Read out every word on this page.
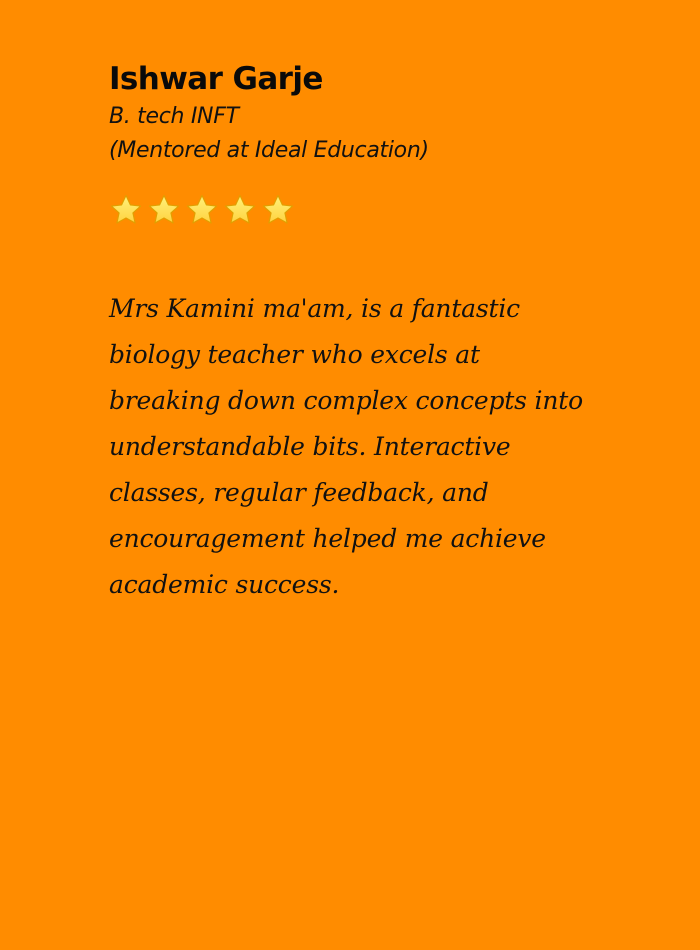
Ishwar Garje

B. tech INFT

(Mentored at Ideal Education)

Mrs Kamini ma'am, is a fantastic biology teacher who excels at breaking down complex concepts into understandable bits. Interactive classes, regular feedback, and encouragement helped me achieve academic success.
